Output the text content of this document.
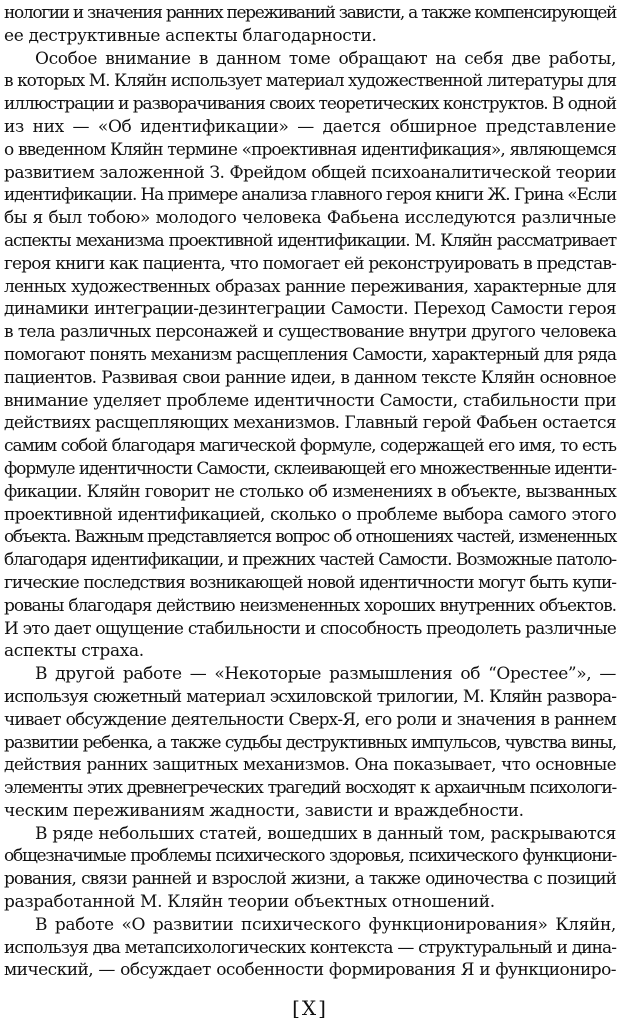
нологии и значения ранних переживаний зависти, а также компенсирующей
ее деструктивные аспекты благодарности.
Особое внимание в данном томе обращают на себя две работы,
в которых М. Кляйн использует материал художественной литературы для
иллюстрации и разворачивания своих теоретических конструктов. В одной
из них — «Об идентификации» — дается обширное представление
о введенном Кляйн термине «проективная идентификация», являющемся
развитием заложенной З. Фрейдом общей психоаналитической теории
идентификации. На примере анализа главного героя книги Ж. Грина «Если
бы я был тобою» молодого человека Фабьена исследуются различные
аспекты механизма проективной идентификации. М. Кляйн рассматривает
героя книги как пациента, что помогает ей реконструировать в представ-
ленных художественных образах ранние переживания, характерные для
динамики интеграции-дезинтеграции Самости. Переход Самости героя
в тела различных персонажей и существование внутри другого человека
помогают понять механизм расщепления Самости, характерный для ряда
пациентов. Развивая свои ранние идеи, в данном тексте Кляйн основное
внимание уделяет проблеме идентичности Самости, стабильности при
действиях расщепляющих механизмов. Главный герой Фабьен остается
самим собой благодаря магической формуле, содержащей его имя, то есть
формуле идентичности Самости, склеивающей его множественные иденти-
фикации. Кляйн говорит не столько об изменениях в объекте, вызванных
проективной идентификацией, сколько о проблеме выбора самого этого
объекта. Важным представляется вопрос об отношениях частей, измененных
благодаря идентификации, и прежних частей Самости. Возможные патоло-
гические последствия возникающей новой идентичности могут быть купи-
рованы благодаря действию неизмененных хороших внутренних объектов.
И это дает ощущение стабильности и способность преодолеть различные
аспекты страха.
В другой работе — «Некоторые размышления об “Орестее”», —
используя сюжетный материал эсхиловской трилогии, М. Кляйн развора-
чивает обсуждение деятельности Сверх-Я, его роли и значения в раннем
развитии ребенка, а также судьбы деструктивных импульсов, чувства вины,
действия ранних защитных механизмов. Она показывает, что основные
элементы этих древнегреческих трагедий восходят к архаичным психологи-
ческим переживаниям жадности, зависти и враждебности.
В ряде небольших статей, вошедших в данный том, раскрываются
общезначимые проблемы психического здоровья, психического функциони-
рования, связи ранней и взрослой жизни, а также одиночества с позиций
разработанной М. Кляйн теории объектных отношений.
В работе «О развитии психического функционирования» Кляйн,
используя два метапсихологических контекста — структуральный и дина-
мический, — обсуждает особенности формирования Я и функциониро-
[X]
